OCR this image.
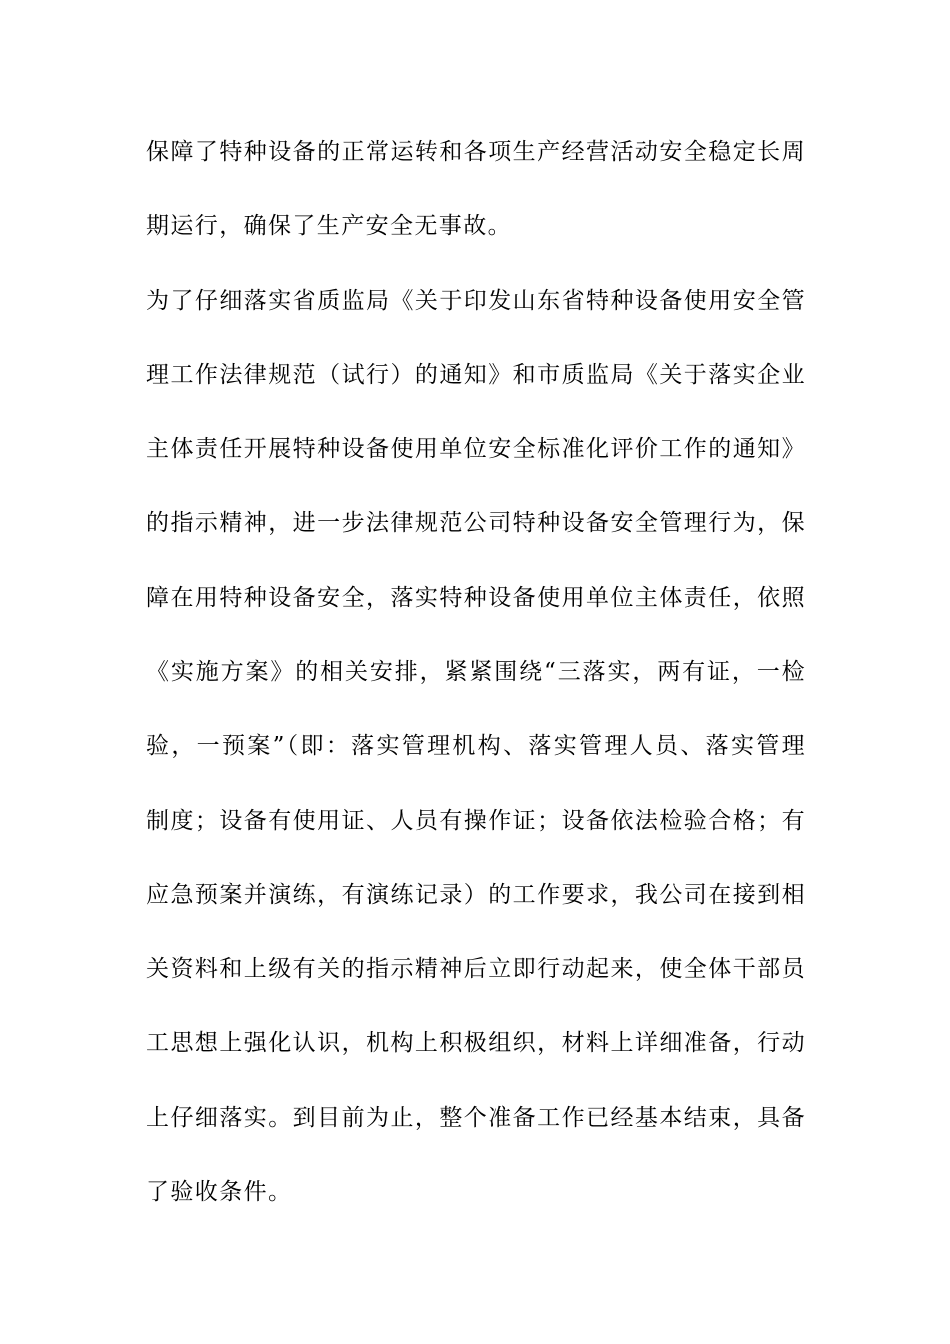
保障了特种设备的正常运转和各项生产经营活动安全稳定长周
期运行，确保了生产安全无事故。
为了仔细落实省质监局《关于印发山东省特种设备使用安全管
理工作法律规范（试行）的通知》和市质监局《关于落实企业
主体责任开展特种设备使用单位安全标准化评价工作的通知》
的指示精神，进一步法律规范公司特种设备安全管理行为，保
障在用特种设备安全，落实特种设备使用单位主体责任，依照
《实施方案》的相关安排，紧紧围绕“三落实，两有证，一检
验，一预案”（即：落实管理机构、落实管理人员、落实管理
制度；设备有使用证、人员有操作证；设备依法检验合格；有
应急预案并演练，有演练记录）的工作要求，我公司在接到相
关资料和上级有关的指示精神后立即行动起来，使全体干部员
工思想上强化认识，机构上积极组织，材料上详细准备，行动
上仔细落实。到目前为止，整个准备工作已经基本结束，具备
了验收条件。
